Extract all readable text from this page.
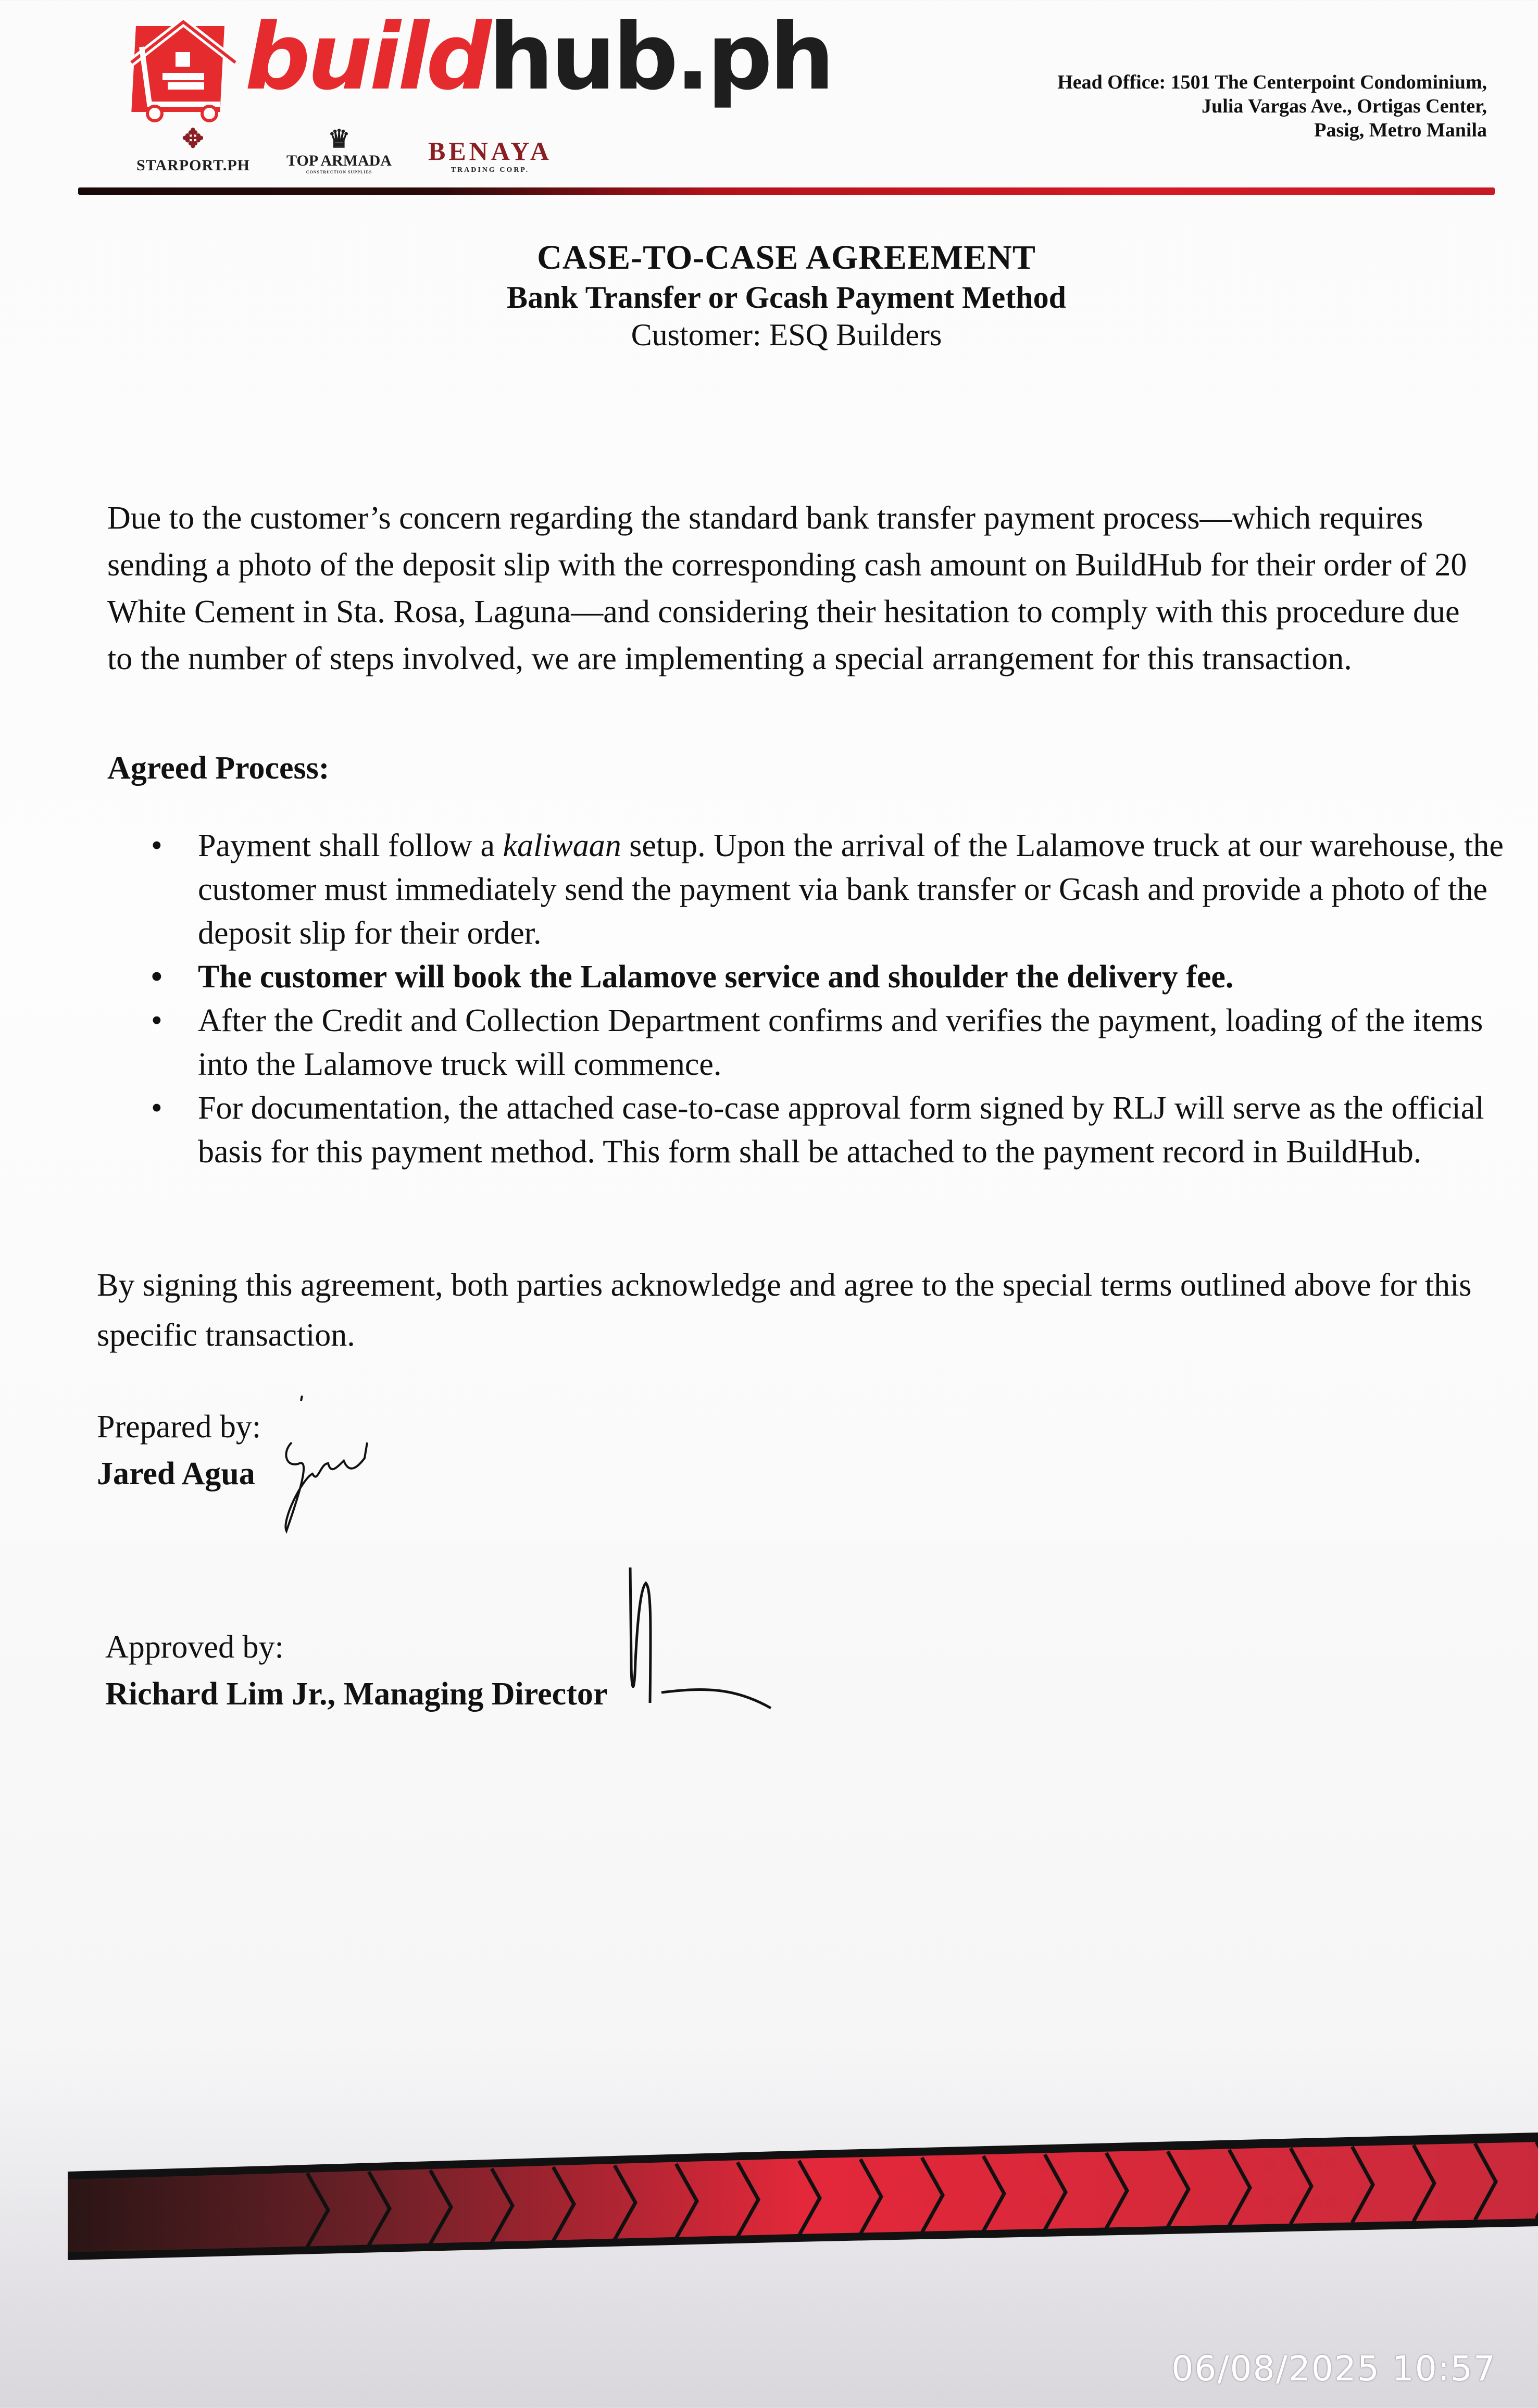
buildhub.ph
✥
STARPORT.PH
♛
TOP ARMADA
CONSTRUCTION SUPPLIES
BENAYA
TRADING CORP.
Head Office: 1501 The Centerpoint Condominium,
Julia Vargas Ave., Ortigas Center,
Pasig, Metro Manila
CASE-TO-CASE AGREEMENT
Bank Transfer or Gcash Payment Method
Customer: ESQ Builders
Due to the customer’s concern regarding the standard bank transfer payment process—which requires sending a photo of the deposit slip with the corresponding cash amount on BuildHub for their order of 20 White Cement in Sta. Rosa, Laguna—and considering their hesitation to comply with this procedure due to the number of steps involved, we are implementing a special arrangement for this transaction.
Agreed Process:
• Payment shall follow a kaliwaan setup. Upon the arrival of the Lalamove truck at our warehouse, the customer must immediately send the payment via bank transfer or Gcash and provide a photo of the deposit slip for their order.
• The customer will book the Lalamove service and shoulder the delivery fee.
• After the Credit and Collection Department confirms and verifies the payment, loading of the items into the Lalamove truck will commence.
• For documentation, the attached case-to-case approval form signed by RLJ will serve as the official basis for this payment method. This form shall be attached to the payment record in BuildHub.
By signing this agreement, both parties acknowledge and agree to the special terms outlined above for this specific transaction.
Prepared by:
Jared Agua
Approved by:
Richard Lim Jr., Managing Director
06/08/2025 10:57
